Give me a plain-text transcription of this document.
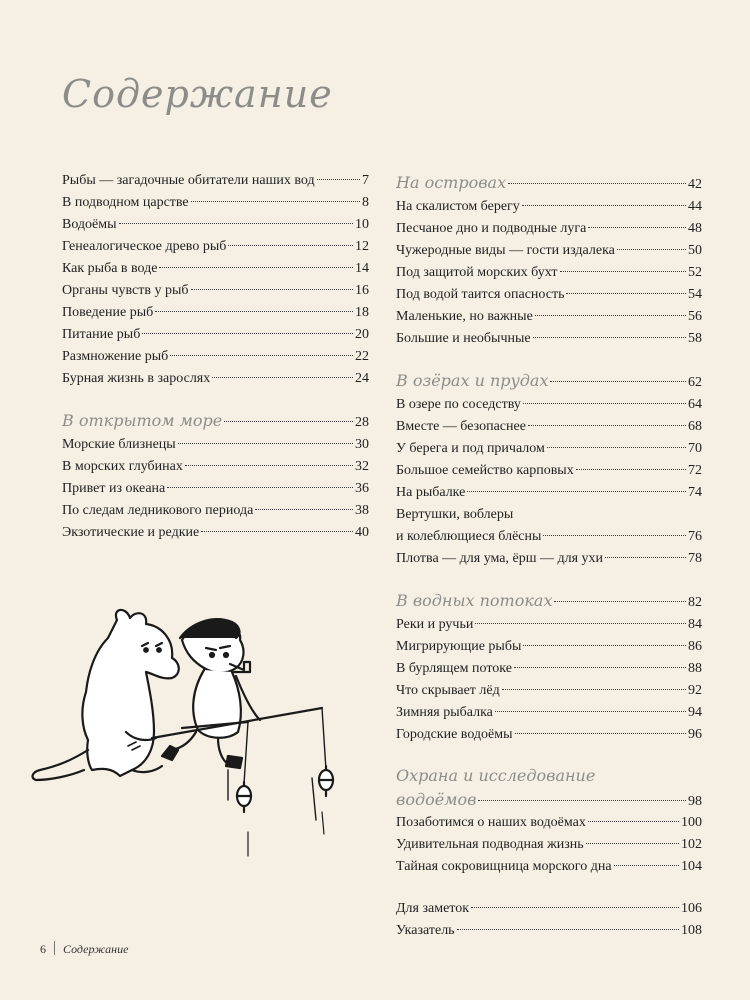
Содержание
Рыбы — загадочные обитатели наших вод	7
В подводном царстве	8
Водоёмы	10
Генеалогическое древо рыб	12
Как рыба в воде	14
Органы чувств у рыб	16
Поведение рыб	18
Питание рыб	20
Размножение рыб	22
Бурная жизнь в зарослях	24
В открытом море	28
Морские близнецы	30
В морских глубинах	32
Привет из океана	36
По следам ледникового периода	38
Экзотические и редкие	40
На островах	42
На скалистом берегу	44
Песчаное дно и подводные луга	48
Чужеродные виды — гости издалека	50
Под защитой морских бухт	52
Под водой таится опасность	54
Маленькие, но важные	56
Большие и необычные	58
В озёрах и прудах	62
В озере по соседству	64
Вместе — безопаснее	68
У берега и под причалом	70
Большое семейство карповых	72
На рыбалке	74
Вертушки, воблеры
и колеблющиеся блёсны	76
Плотва — для ума, ёрш — для ухи	78
В водных потоках	82
Реки и ручьи	84
Мигрирующие рыбы	86
В бурлящем потоке	88
Что скрывает лёд	92
Зимняя рыбалка	94
Городские водоёмы	96
Охрана и исследование
водоёмов	98
Позаботимся о наших водоёмах	100
Удивительная подводная жизнь	102
Тайная сокровищница морского дна	104
Для заметок	106
Указатель	108
6 Содержание
